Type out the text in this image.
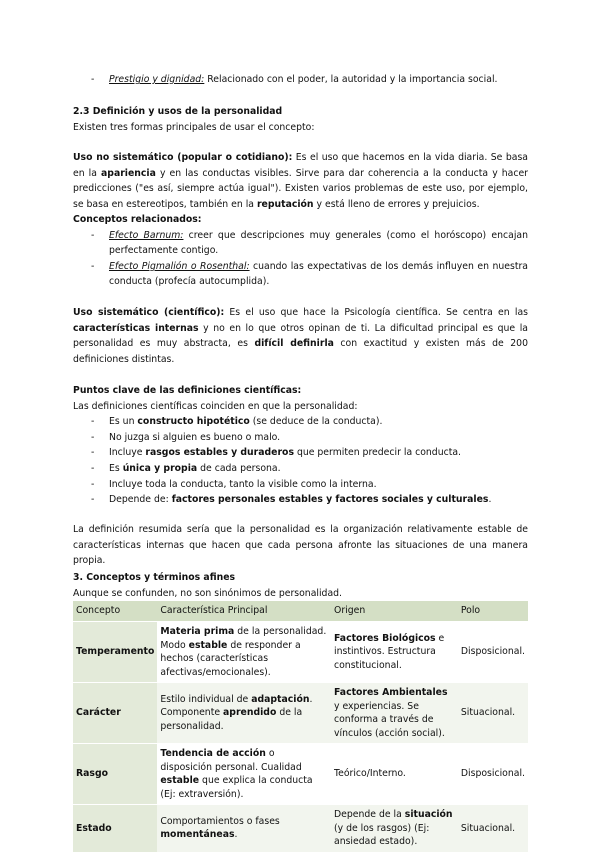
- Prestigio y dignidad: Relacionado con el poder, la autoridad y la importancia social.

2.3 Definición y usos de la personalidad

Existen tres formas principales de usar el concepto:

Uso no sistemático (popular o cotidiano): Es el uso que hacemos en la vida diaria. Se basa en la apariencia y en las conductas visibles. Sirve para dar coherencia a la conducta y hacer predicciones ("es así, siempre actúa igual"). Existen varios problemas de este uso, por ejemplo, se basa en estereotipos, también en la reputación y está lleno de errores y prejuicios.

Conceptos relacionados:

- Efecto Barnum: creer que descripciones muy generales (como el horóscopo) encajan perfectamente contigo.

- Efecto Pigmalión o Rosenthal: cuando las expectativas de los demás influyen en nuestra conducta (profecía autocumplida).

Uso sistemático (científico): Es el uso que hace la Psicología científica. Se centra en las características internas y no en lo que otros opinan de ti. La dificultad principal es que la personalidad es muy abstracta, es difícil definirla con exactitud y existen más de 200 definiciones distintas.

Puntos clave de las definiciones científicas:

Las definiciones científicas coinciden en que la personalidad:

- Es un constructo hipotético (se deduce de la conducta).

- No juzga si alguien es bueno o malo.

- Incluye rasgos estables y duraderos que permiten predecir la conducta.

- Es única y propia de cada persona.

- Incluye toda la conducta, tanto la visible como la interna.

- Depende de: factores personales estables y factores sociales y culturales.

La definición resumida sería que la personalidad es la organización relativamente estable de características internas que hacen que cada persona afronte las situaciones de una manera propia.

3. Conceptos y términos afines

Aunque se confunden, no son sinónimos de personalidad.

Concepto	Característica Principal	Origen	Polo
Temperamento	Materia prima de la personalidad. Modo estable de responder a hechos (características afectivas/emocionales).	Factores Biológicos e instintivos. Estructura constitucional.	Disposicional.
Carácter	Estilo individual de adaptación. Componente aprendido de la personalidad.	Factores Ambientales y experiencias. Se conforma a través de vínculos (acción social).	Situacional.
Rasgo	Tendencia de acción o disposición personal. Cualidad estable que explica la conducta (Ej: extraversión).	Teórico/Interno.	Disposicional.
Estado	Comportamientos o fases momentáneas.	Depende de la situación (y de los rasgos) (Ej: ansiedad estado).	Situacional.
